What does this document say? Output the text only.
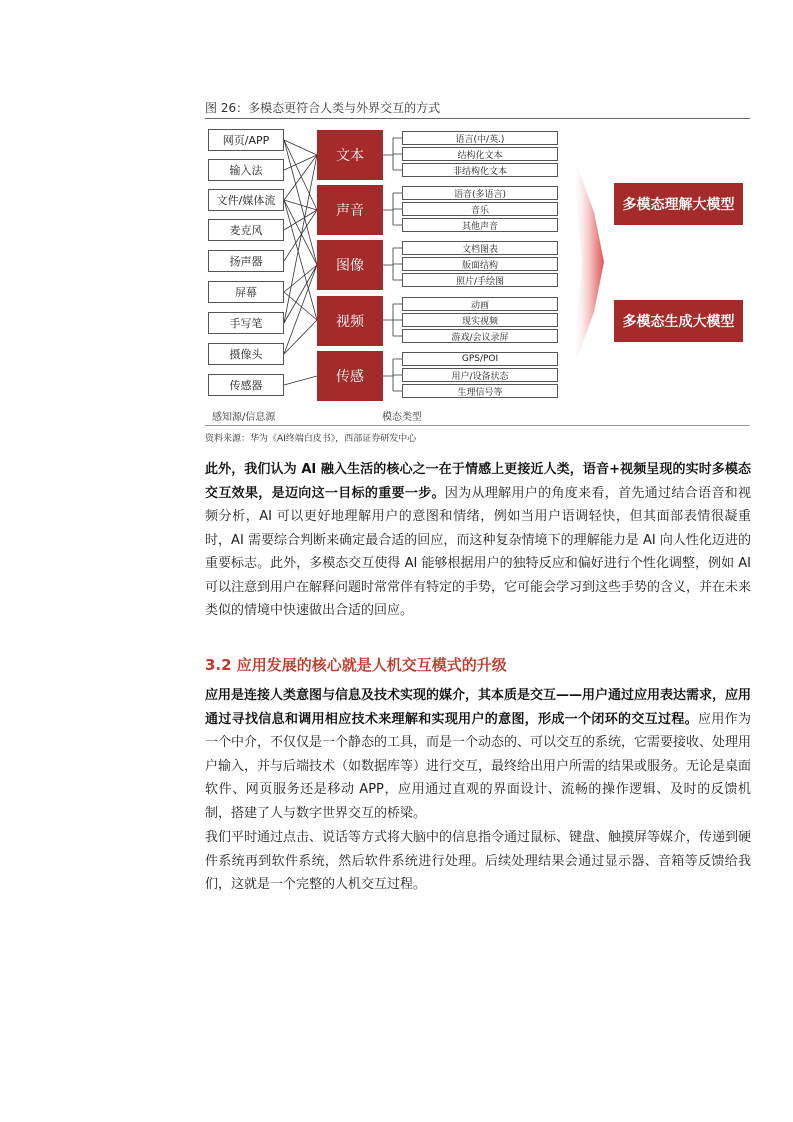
图 26：多模态更符合人类与外界交互的方式
网页/APP
输入法
文件/媒体流
麦克风
扬声器
屏幕
手写笔
摄像头
传感器
文本
声音
图像
视频
传感
语言(中/英.)
结构化文本
非结构化文本
语音(多语言)
音乐
其他声音
文档图表
版面结构
照片/手绘图
动画
现实视频
游戏/会议录屏
GPS/POI
用户/设备状态
生理信号等
多模态理解大模型
多模态生成大模型
感知源/信息源	模态类型
资料来源：华为《AI终端白皮书》，西部证券研发中心
此外，我们认为 AI 融入生活的核心之一在于情感上更接近人类，语音+视频呈现的实时多模态交互效果，是迈向这一目标的重要一步。因为从理解用户的角度来看，首先通过结合语音和视频分析，AI 可以更好地理解用户的意图和情绪，例如当用户语调轻快，但其面部表情很凝重时，AI 需要综合判断来确定最合适的回应，而这种复杂情境下的理解能力是 AI 向人性化迈进的重要标志。此外，多模态交互使得 AI 能够根据用户的独特反应和偏好进行个性化调整，例如 AI 可以注意到用户在解释问题时常常伴有特定的手势，它可能会学习到这些手势的含义，并在未来类似的情境中快速做出合适的回应。
3.2 应用发展的核心就是人机交互模式的升级
应用是连接人类意图与信息及技术实现的媒介，其本质是交互——用户通过应用表达需求，应用通过寻找信息和调用相应技术来理解和实现用户的意图，形成一个闭环的交互过程。应用作为一个中介，不仅仅是一个静态的工具，而是一个动态的、可以交互的系统，它需要接收、处理用户输入，并与后端技术（如数据库等）进行交互，最终给出用户所需的结果或服务。无论是桌面软件、网页服务还是移动 APP，应用通过直观的界面设计、流畅的操作逻辑、及时的反馈机制，搭建了人与数字世界交互的桥梁。
我们平时通过点击、说话等方式将大脑中的信息指令通过鼠标、键盘、触摸屏等媒介，传递到硬件系统再到软件系统，然后软件系统进行处理。后续处理结果会通过显示器、音箱等反馈给我们，这就是一个完整的人机交互过程。
